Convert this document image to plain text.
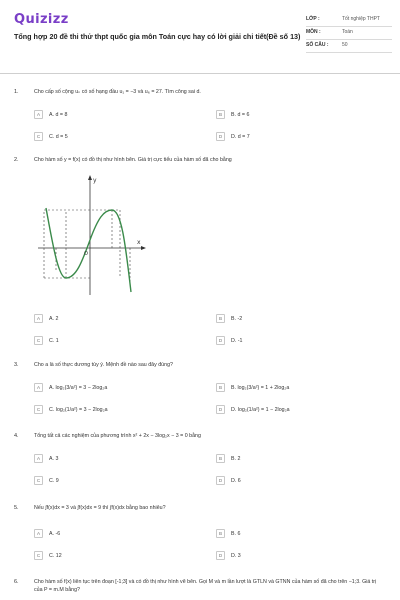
Quizizz
Tổng hợp 20 đề thi thử thpt quốc gia môn Toán cực hay có lời giải chi tiết(Đề số 13)
LỚP :	Tốt nghiệp THPT
MÔN :	Toán
SỐ CÂU :	50
1.	Cho cấp số cộng uₙ có số hạng đầu u₁ = −3 và u₆ = 27. Tìm công sai d.
A	A. d = 8	B	B. d = 6
C	C. d = 5	D	D. d = 7
2.	Cho hàm số y = f(x) có đồ thị như hình bên. Giá trị cực tiểu của hàm số đã cho bằng
y
x
O
A	A. 2	B	B. -2
C	C. 1	D	D. -1
3.	Cho a là số thực dương tùy ý. Mệnh đề nào sau đây đúng?
A	A. log₂(3/a²) = 3 − 2log₂a	B	B. log₂(3/a²) = 1 + 2log₂a
C	C. log₂(1/a²) = 3 − 2log₂a	D	D. log₂(1/a²) = 1 − 2log₂a
4.	Tổng tất cả các nghiệm của phương trình x² + 2x − 3log₂x − 3 = 0 bằng
A	A. 3	B	B. 2
C	C. 9	D	D. 6
5.	Nếu ∫f(x)dx = 3 và ∫f(x)dx = 9 thì ∫f(x)dx bằng bao nhiêu?
A	A. -6	B	B. 6
C	C. 12	D	D. 3
6.	Cho hàm số f(x) liên tục trên đoạn [-1;3] và có đồ thị như hình vẽ bên. Gọi M và m lần lượt là GTLN và GTNN của hàm số đã cho trên −1;3. Giá trị của P = m.M bằng?
